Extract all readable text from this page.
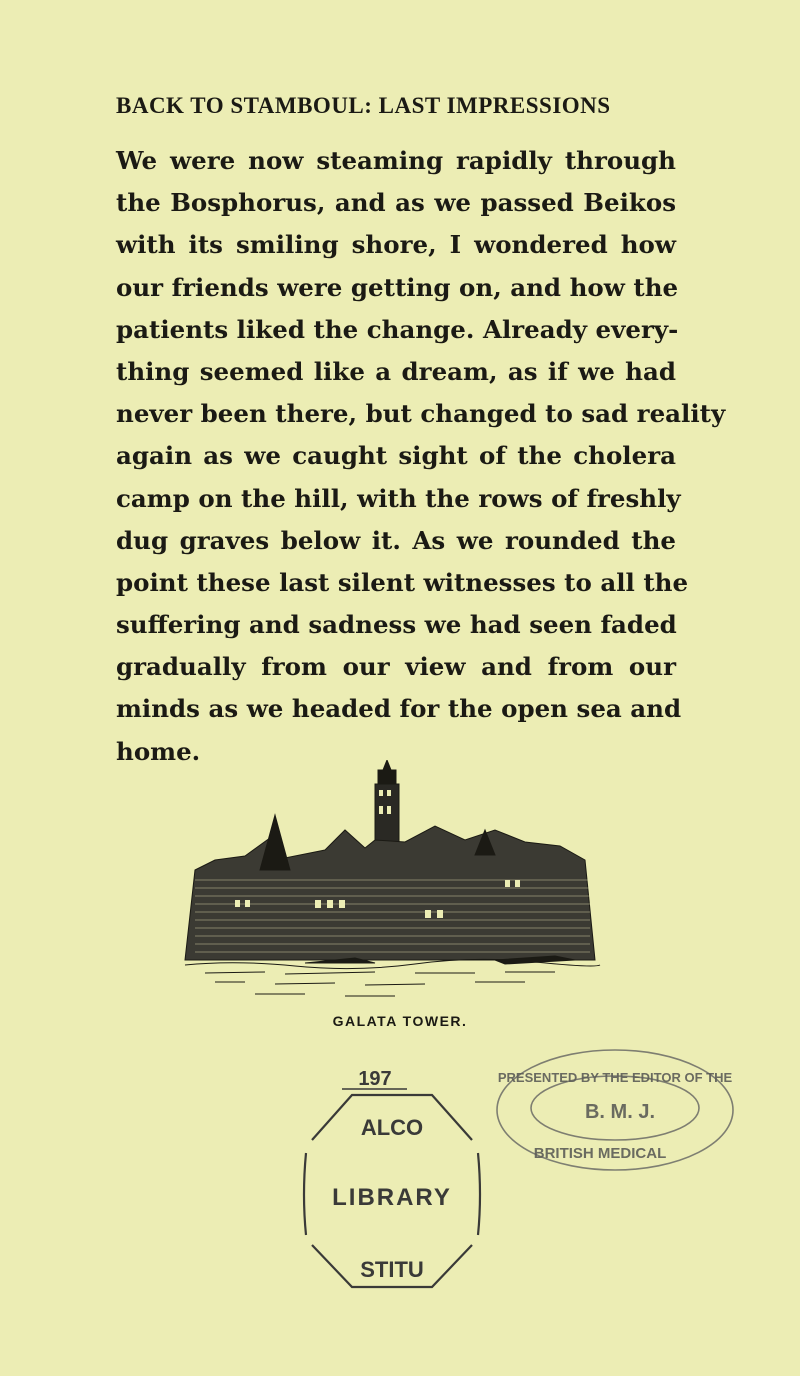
BACK TO STAMBOUL: LAST IMPRESSIONS
We were now steaming rapidly through
the Bosphorus, and as we passed Beikos
with its smiling shore, I wondered how
our friends were getting on, and how the
patients liked the change. Already every-
thing seemed like a dream, as if we had
never been there, but changed to sad reality
again as we caught sight of the cholera
camp on the hill, with the rows of freshly
dug graves below it. As we rounded the
point these last silent witnesses to all the
suffering and sadness we had seen faded
gradually from our view and from our
minds as we headed for the open sea and
home.
GALATA TOWER.
197
ALCO
LIBRARY
STITU
PRESENTED BY THE EDITOR OF THE
B. M. J.
BRITISH MEDICAL
